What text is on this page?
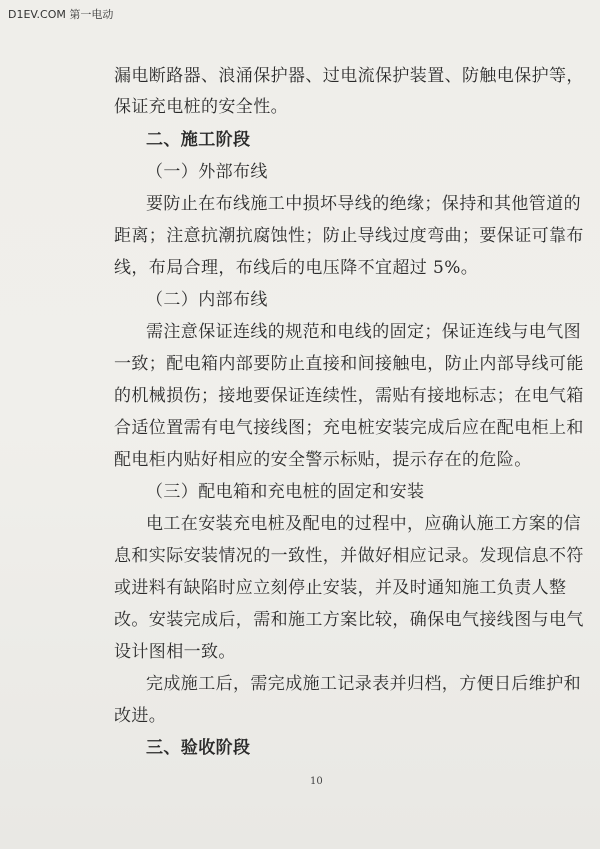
D1EV.COM 第一电动
漏电断路器、浪涌保护器、过电流保护装置、防触电保护等，
保证充电桩的安全性。
二、施工阶段
（一）外部布线
要防止在布线施工中损坏导线的绝缘；保持和其他管道的
距离；注意抗潮抗腐蚀性；防止导线过度弯曲；要保证可靠布
线，布局合理，布线后的电压降不宜超过 5%。
（二）内部布线
需注意保证连线的规范和电线的固定；保证连线与电气图
一致；配电箱内部要防止直接和间接触电，防止内部导线可能
的机械损伤；接地要保证连续性，需贴有接地标志；在电气箱
合适位置需有电气接线图；充电桩安装完成后应在配电柜上和
配电柜内贴好相应的安全警示标贴，提示存在的危险。
（三）配电箱和充电桩的固定和安装
电工在安装充电桩及配电的过程中，应确认施工方案的信
息和实际安装情况的一致性，并做好相应记录。发现信息不符
或进料有缺陷时应立刻停止安装，并及时通知施工负责人整
改。安装完成后，需和施工方案比较，确保电气接线图与电气
设计图相一致。
完成施工后，需完成施工记录表并归档，方便日后维护和
改进。
三、验收阶段
10
